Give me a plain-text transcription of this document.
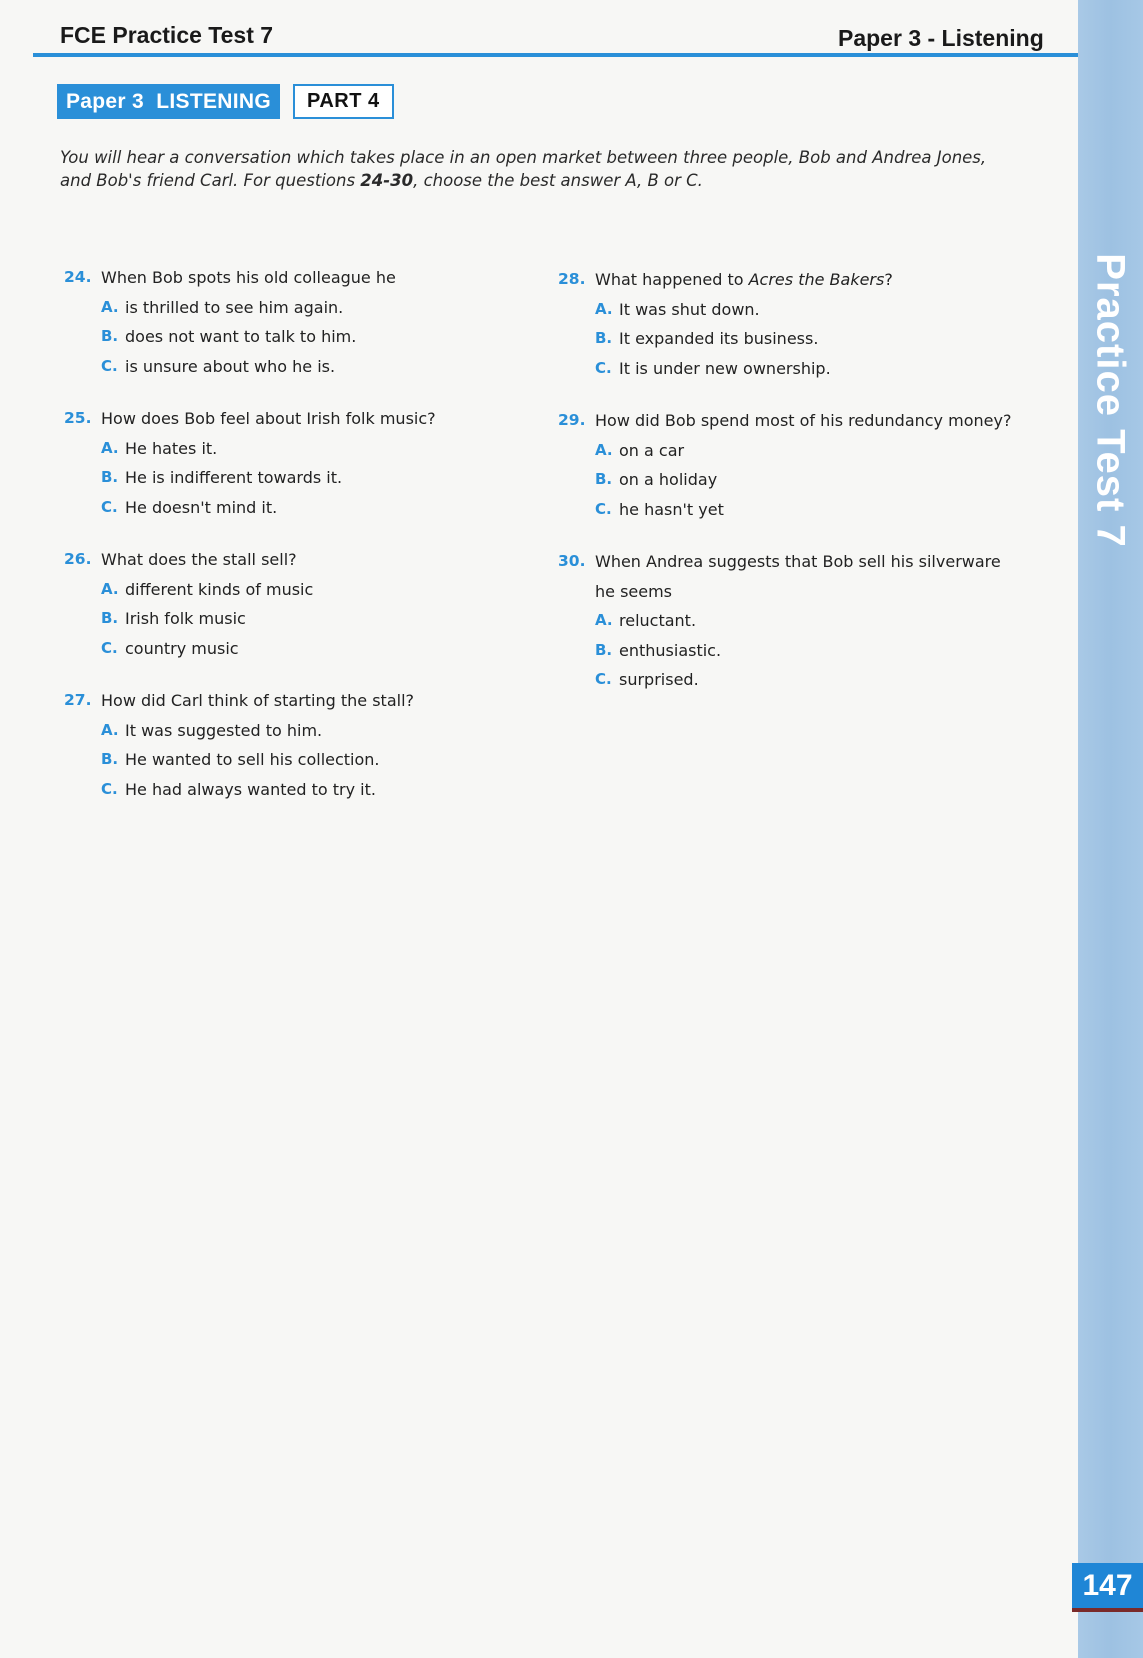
FCE Practice Test 7	Paper 3 - Listening
Paper 3  LISTENING	PART 4

You will hear a conversation which takes place in an open market between three people, Bob and Andrea Jones, and Bob's friend Carl. For questions 24-30, choose the best answer A, B or C.

24. When Bob spots his old colleague he
A. is thrilled to see him again.
B. does not want to talk to him.
C. is unsure about who he is.
25. How does Bob feel about Irish folk music?
A. He hates it.
B. He is indifferent towards it.
C. He doesn't mind it.
26. What does the stall sell?
A. different kinds of music
B. Irish folk music
C. country music
27. How did Carl think of starting the stall?
A. It was suggested to him.
B. He wanted to sell his collection.
C. He had always wanted to try it.
28. What happened to Acres the Bakers?
A. It was shut down.
B. It expanded its business.
C. It is under new ownership.
29. How did Bob spend most of his redundancy money?
A. on a car
B. on a holiday
C. he hasn't yet
30. When Andrea suggests that Bob sell his silverware
he seems
A. reluctant.
B. enthusiastic.
C. surprised.
Practice Test 7
147
